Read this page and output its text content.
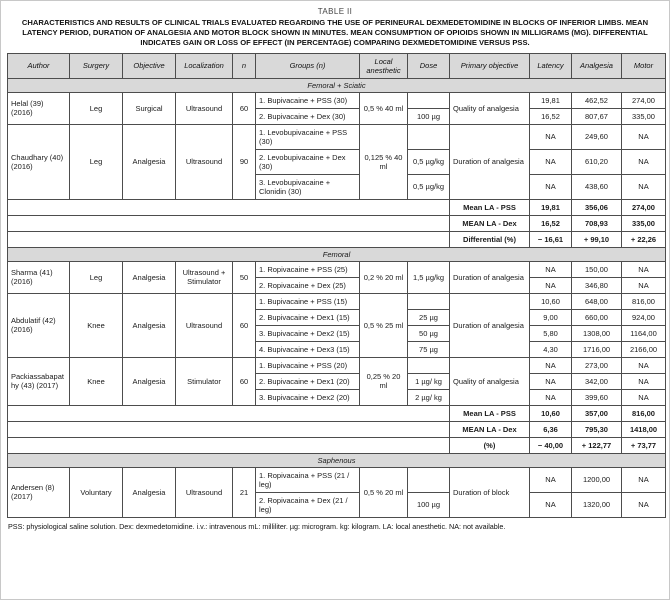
TABLE II
CHARACTERISTICS AND RESULTS OF CLINICAL TRIALS EVALUATED REGARDING THE USE OF PERINEURAL DEXMEDETOMIDINE IN BLOCKS OF INFERIOR LIMBS. MEAN LATENCY PERIOD, DURATION OF ANALGESIA AND MOTOR BLOCK SHOWN IN MINUTES. MEAN CONSUMPTION OF OPIOIDS SHOWN IN MILLIGRAMS (MG). DIFFERENTIAL INDICATES GAIN OR LOSS OF EFFECT (IN PERCENTAGE) COMPARING DEXMEDETOMIDINE VERSUS PSS.
Author	Surgery	Objective	Localization	n	Groups (n)	Local anesthetic	Dose	Primary objective	Latency	Analgesia	Motor
Femoral + Sciatic											
Helal (39) (2016)	Leg	Surgical	Ultrasound	60	1. Bupivacaine + PSS (30)	0,5 % 40 ml		Quality of analgesia	19,81	462,52	274,00
					2. Bupivacaine + Dex (30)		100 µg		16,52	807,67	335,00
Chaudhary (40) (2016)	Leg	Analgesia	Ultrasound	90	1. Levobupivacaine + PSS (30)	0,125 % 40 ml		Duration of analgesia	NA	249,60	NA
					2. Levobupivacaine + Dex (30)		0,5 µg/kg		NA	610,20	NA
					3. Levobupivacaine + Clonidin (30)		0,5 µg/kg		NA	438,60	NA
								Mean LA - PSS	19,81	356,06	274,00
								MEAN LA - Dex	16,52	708,93	335,00
								Differential (%)	− 16,61	+ 99,10	+ 22,26
Femoral											
Sharma (41) (2016)	Leg	Analgesia	Ultrasound + Stimulator	50	1. Ropivacaine + PSS (25)	0,2 % 20 ml	1,5 µg/kg	Duration of analgesia	NA	150,00	NA
					2. Ropivacaine + Dex (25)				NA	346,80	NA
Abdulatif (42) (2016)	Knee	Analgesia	Ultrasound	60	1. Bupivacaine + PSS (15)	0,5 % 25 ml		Duration of analgesia	10,60	648,00	816,00
					2. Bupivacaine + Dex1 (15)		25 µg		9,00	660,00	924,00
					3. Bupivacaine + Dex2 (15)		50 µg		5,80	1308,00	1164,00
					4. Bupivacaine + Dex3 (15)		75 µg		4,30	1716,00	2166,00
Packiassabapathy (43) (2017)	Knee	Analgesia	Stimulator	60	1. Bupivacaine + PSS (20)	0,25 % 20 ml		Quality of analgesia	NA	273,00	NA
					2. Bupivacaine + Dex1 (20)		1 µg/ kg		NA	342,00	NA
					3. Bupivacaine + Dex2 (20)		2 µg/ kg		NA	399,60	NA
								Mean LA - PSS	10,60	357,00	816,00
								MEAN LA - Dex	6,36	795,30	1418,00
								(%)	− 40,00	+ 122,77	+ 73,77
Saphenous											
Andersen (8) (2017)	Voluntary	Analgesia	Ultrasound	21	1. Ropivacaina + PSS (21 / leg)	0,5 % 20 ml		Duration of block	NA	1200,00	NA
					2. Ropivacaina + Dex (21 / leg)		100 µg		NA	1320,00	NA
PSS: physiological saline solution. Dex: dexmedetomidine. i.v.: intravenous mL: milliliter. µg: microgram. kg: kilogram. LA: local anesthetic. NA: not available.
